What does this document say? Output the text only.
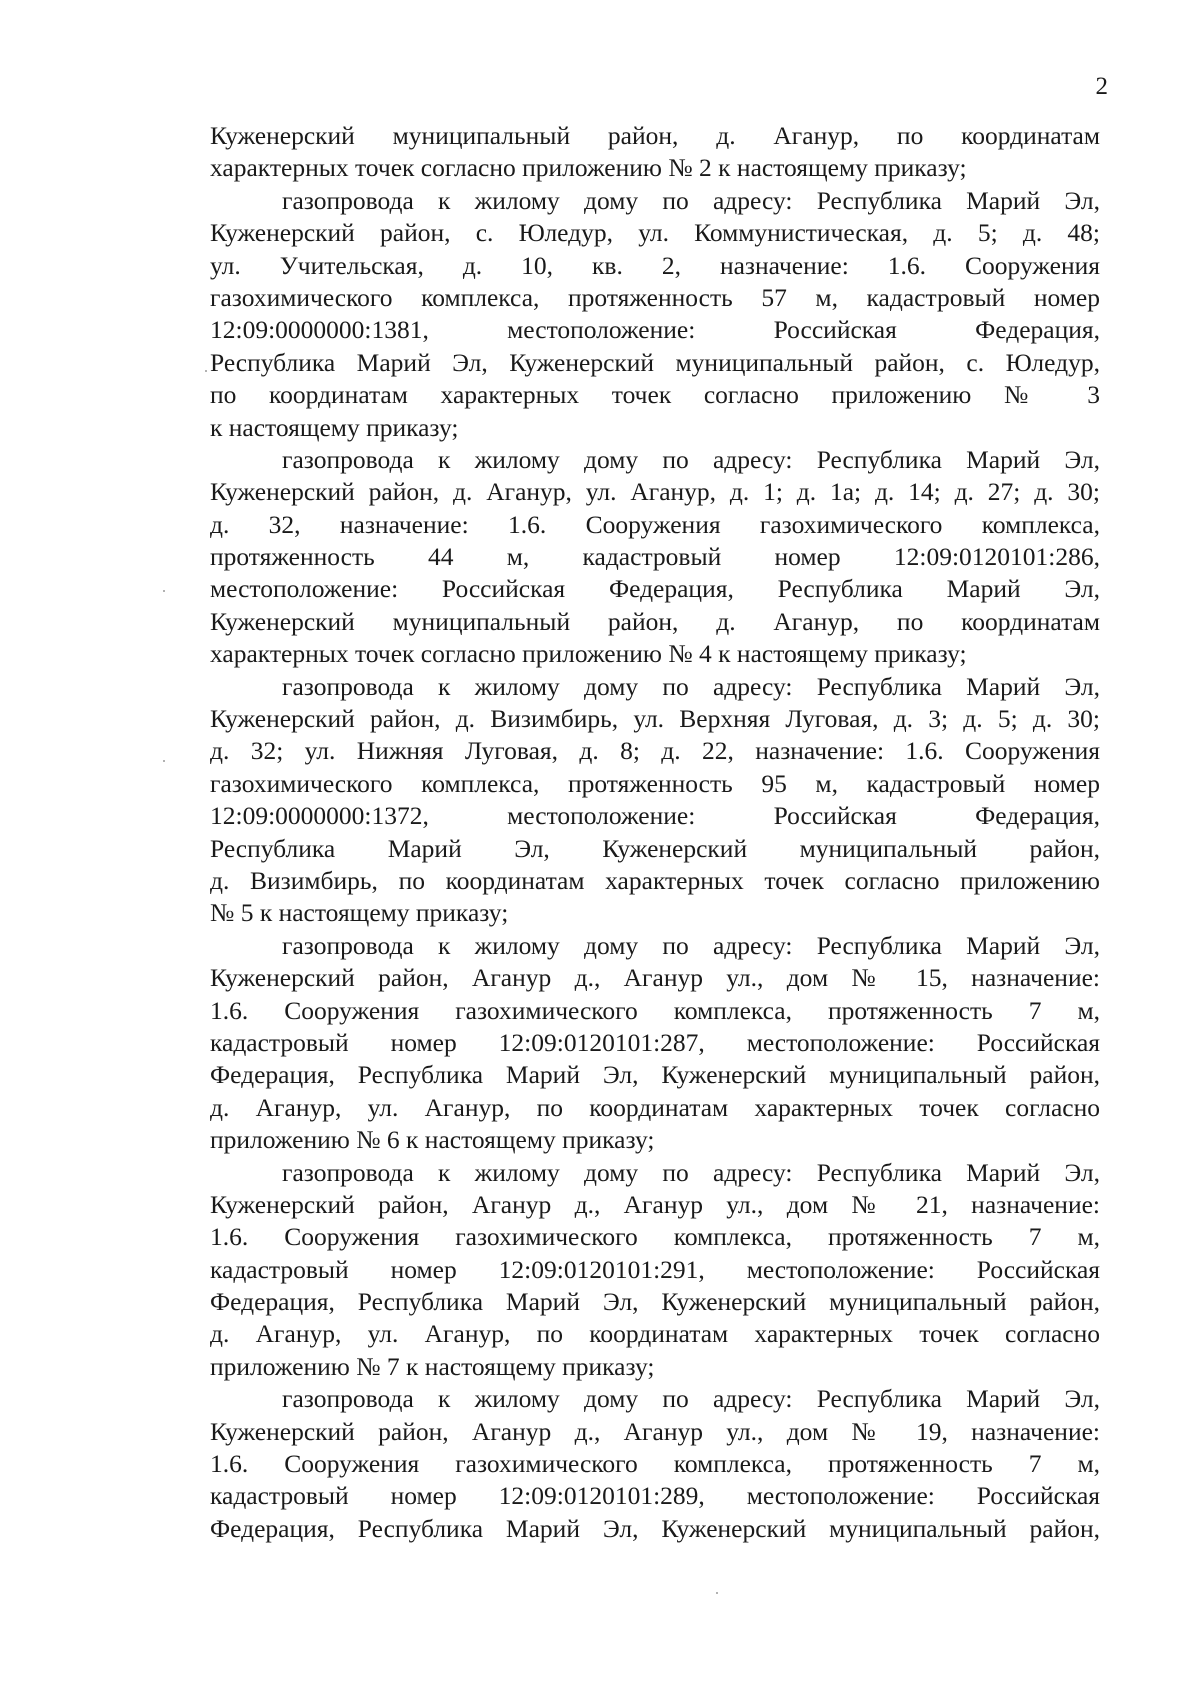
2
Куженерский муниципальный район, д. Аганур, по координатам
характерных точек согласно приложению № 2 к настоящему приказу;
газопровода к жилому дому по адресу: Республика Марий Эл,
Куженерский район, с. Юледур, ул. Коммунистическая, д. 5; д. 48;
ул. Учительская, д. 10, кв. 2, назначение: 1.6. Сооружения
газохимического комплекса, протяженность 57 м, кадастровый номер
12:09:0000000:1381, местоположение: Российская Федерация,
Республика Марий Эл, Куженерский муниципальный район, с. Юледур,
по координатам характерных точек согласно приложению № 3
к настоящему приказу;
газопровода к жилому дому по адресу: Республика Марий Эл,
Куженерский район, д. Аганур, ул. Аганур, д. 1; д. 1а; д. 14; д. 27; д. 30;
д. 32, назначение: 1.6. Сооружения газохимического комплекса,
протяженность 44 м, кадастровый номер 12:09:0120101:286,
местоположение: Российская Федерация, Республика Марий Эл,
Куженерский муниципальный район, д. Аганур, по координатам
характерных точек согласно приложению № 4 к настоящему приказу;
газопровода к жилому дому по адресу: Республика Марий Эл,
Куженерский район, д. Визимбирь, ул. Верхняя Луговая, д. 3; д. 5; д. 30;
д. 32; ул. Нижняя Луговая, д. 8; д. 22, назначение: 1.6. Сооружения
газохимического комплекса, протяженность 95 м, кадастровый номер
12:09:0000000:1372, местоположение: Российская Федерация,
Республика Марий Эл, Куженерский муниципальный район,
д. Визимбирь, по координатам характерных точек согласно приложению
№ 5 к настоящему приказу;
газопровода к жилому дому по адресу: Республика Марий Эл,
Куженерский район, Аганур д., Аганур ул., дом № 15, назначение:
1.6. Сооружения газохимического комплекса, протяженность 7 м,
кадастровый номер 12:09:0120101:287, местоположение: Российская
Федерация, Республика Марий Эл, Куженерский муниципальный район,
д. Аганур, ул. Аганур, по координатам характерных точек согласно
приложению № 6 к настоящему приказу;
газопровода к жилому дому по адресу: Республика Марий Эл,
Куженерский район, Аганур д., Аганур ул., дом № 21, назначение:
1.6. Сооружения газохимического комплекса, протяженность 7 м,
кадастровый номер 12:09:0120101:291, местоположение: Российская
Федерация, Республика Марий Эл, Куженерский муниципальный район,
д. Аганур, ул. Аганур, по координатам характерных точек согласно
приложению № 7 к настоящему приказу;
газопровода к жилому дому по адресу: Республика Марий Эл,
Куженерский район, Аганур д., Аганур ул., дом № 19, назначение:
1.6. Сооружения газохимического комплекса, протяженность 7 м,
кадастровый номер 12:09:0120101:289, местоположение: Российская
Федерация, Республика Марий Эл, Куженерский муниципальный район,
